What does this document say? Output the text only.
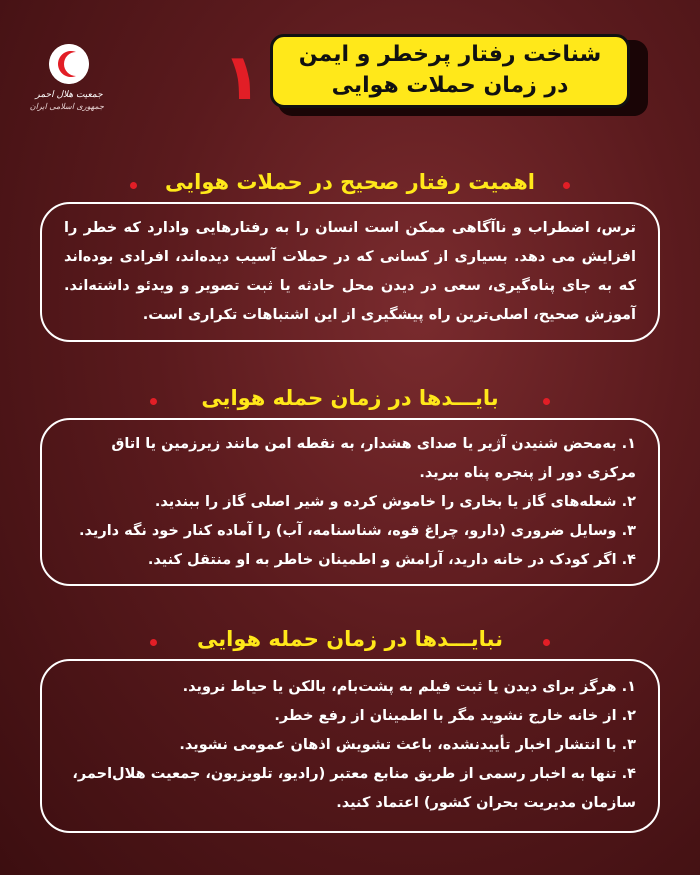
جمعیت هلال احمر
جمهوری اسلامی ایران ۱	شناخت رفتار پرخطر و ایمن
در زمان حملات هوایی
اهمیت رفتار صحیح در حملات هوایی

ترس، اضطراب و ناآگاهی ممکن است انسان را به رفتارهایی وادارد که خطر را افزایش می دهد. بسیاری از کسانی که در حملات آسیب دیده‌اند، افرادی بوده‌اند که به جای پناه‌گیری، سعی در دیدن محل حادثه یا ثبت تصویر و ویدئو داشته‌اند. آموزش صحیح، اصلی‌ترین راه پیشگیری از این اشتباهات تکراری است.

بایـــدها در زمان حمله هوایی

۱. به‌محض شنیدن آژیر یا صدای هشدار، به نقطه امن مانند زیرزمین یا اتاق مرکزی دور از پنجره پناه ببرید.

۲. شعله‌های گاز یا بخاری را خاموش کرده و شیر اصلی گاز را ببندید.

۳. وسایل ضروری (دارو، چراغ قوه، شناسنامه، آب) را آماده کنار خود نگه دارید.

۴. اگر کودک در خانه دارید، آرامش و اطمینان خاطر به او منتقل کنید.

نبایـــدها در زمان حمله هوایی

۱. هرگز برای دیدن یا ثبت فیلم به پشت‌بام، بالکن یا حیاط نروید.

۲. از خانه خارج نشوید مگر با اطمینان از رفع خطر.

۳. با انتشار اخبار تأییدنشده، باعث تشویش اذهان عمومی نشوید.

۴. تنها به اخبار رسمی از طریق منابع معتبر (رادیو، تلویزیون، جمعیت هلال‌احمر، سازمان مدیریت بحران کشور) اعتماد کنید.
